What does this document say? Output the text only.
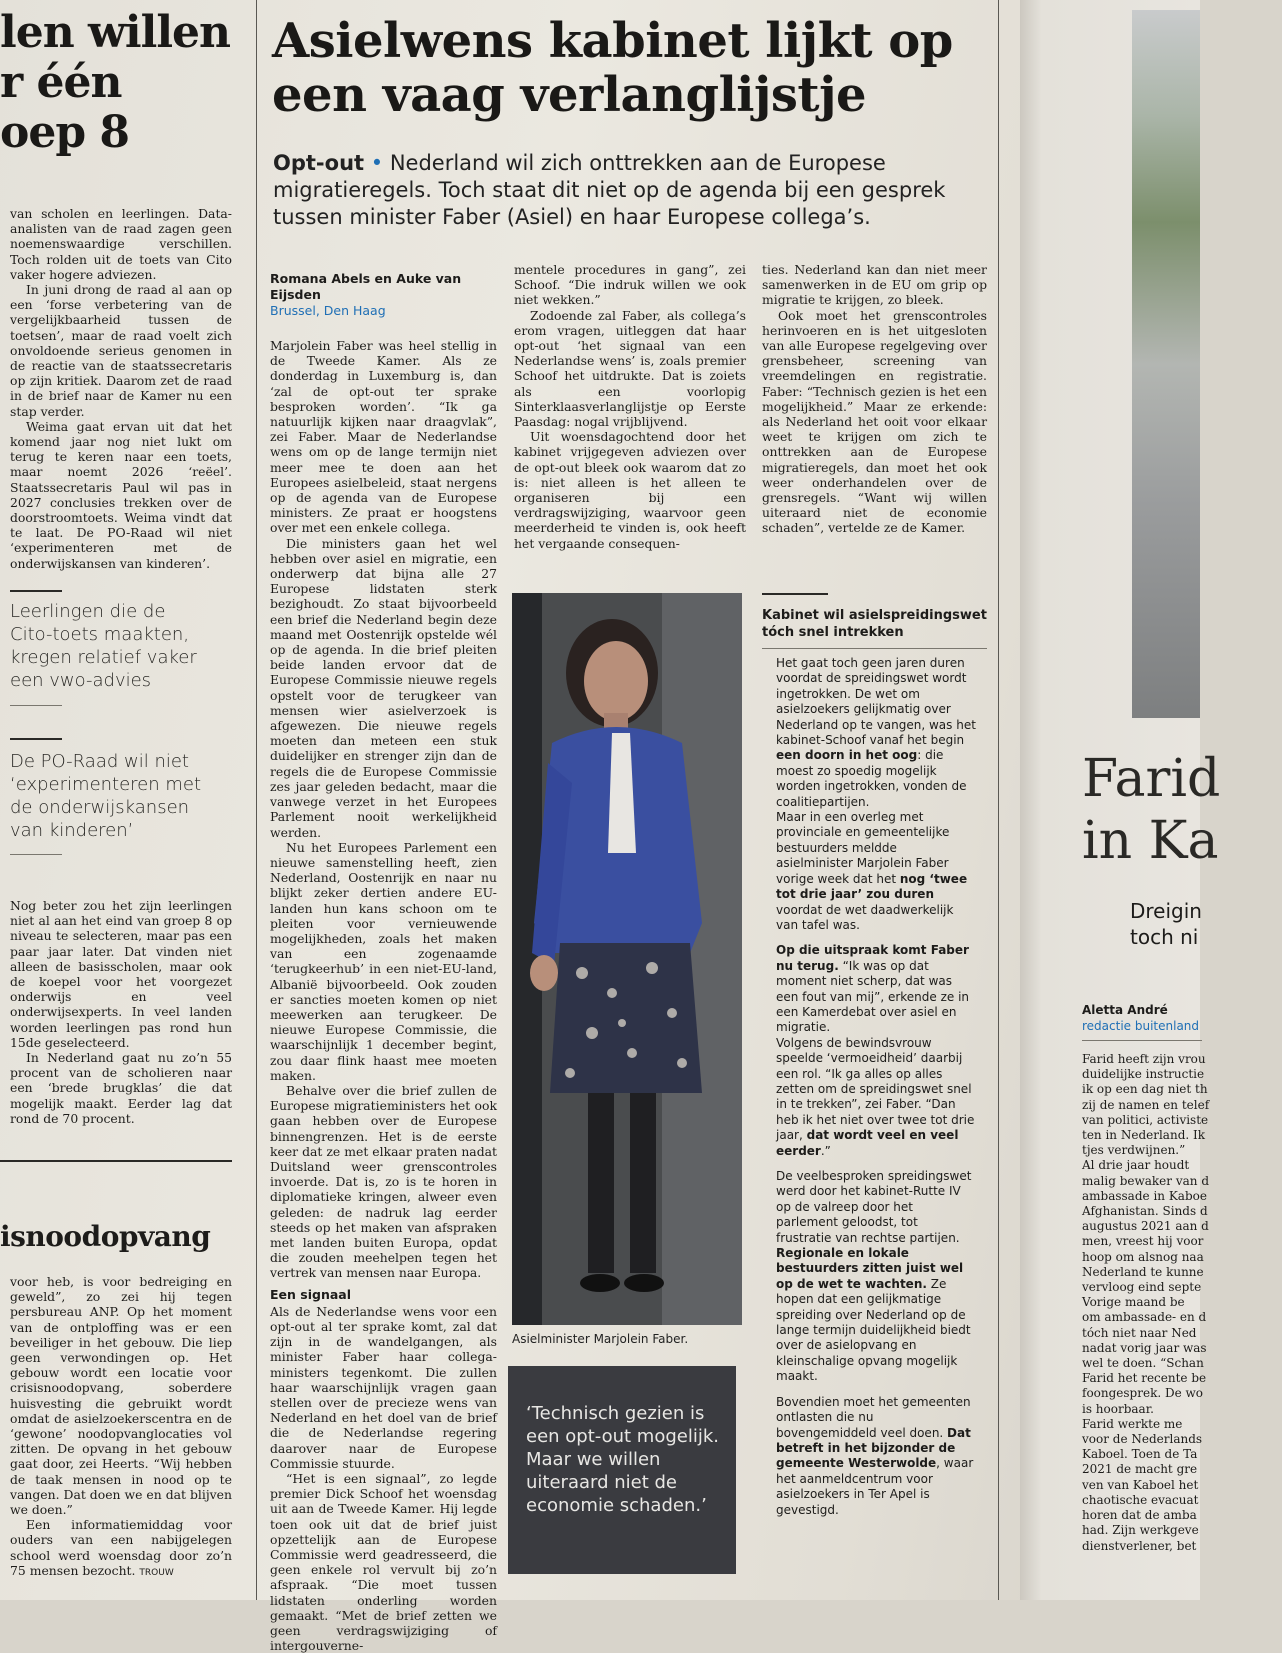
len willen
r één
oep 8

van scholen en leerlingen. Data-analisten van de raad zagen geen noemenswaardige verschillen. Toch rolden uit de toets van Cito vaker hogere adviezen.

In juni drong de raad al aan op een ‘forse verbetering van de vergelijkbaarheid tussen de toetsen’, maar de raad voelt zich onvoldoende serieus genomen in de reactie van de staatssecretaris op zijn kritiek. Daarom zet de raad in de brief naar de Kamer nu een stap verder.

Weima gaat ervan uit dat het komend jaar nog niet lukt om terug te keren naar een toets, maar noemt 2026 ‘reëel’. Staatssecretaris Paul wil pas in 2027 conclusies trekken over de doorstroomtoets. Weima vindt dat te laat. De PO-Raad wil niet ‘experimenteren met de onderwijskansen van kinderen’.

Leerlingen die de Cito-toets maakten, kregen relatief vaker een vwo-advies
De PO-Raad wil niet ‘experimenteren met de onderwijskansen van kinderen’

Nog beter zou het zijn leerlingen niet al aan het eind van groep 8 op niveau te selecteren, maar pas een paar jaar later. Dat vinden niet alleen de basisscholen, maar ook de koepel voor het voorgezet onderwijs en veel onderwijsexperts. In veel landen worden leerlingen pas rond hun 15de geselecteerd.

In Nederland gaat nu zo’n 55 procent van de scholieren naar een ‘brede brugklas’ die dat mogelijk maakt. Eerder lag dat rond de 70 procent.

isnoodopvang

voor heb, is voor bedreiging en geweld”, zo zei hij tegen persbureau ANP. Op het moment van de ontploffing was er een beveiliger in het gebouw. Die liep geen verwondingen op. Het gebouw wordt een locatie voor crisisnoodopvang, soberdere huisvesting die gebruikt wordt omdat de asielzoekerscentra en de ‘gewone’ noodopvanglocaties vol zitten. De opvang in het gebouw gaat door, zei Heerts. “Wij hebben de taak mensen in nood op te vangen. Dat doen we en dat blijven we doen.”

Een informatiemiddag voor ouders van een nabijgelegen school werd woensdag door zo’n 75 mensen bezocht. TROUW

Asielwens kabinet lijkt op een vaag verlanglijstje
Opt-out • Nederland wil zich onttrekken aan de Europese migratieregels. Toch staat dit niet op de agenda bij een gesprek tussen minister Faber (Asiel) en haar Europese collega’s.
Romana Abels en Auke van Eijsden
Brussel, Den Haag

Marjolein Faber was heel stellig in de Tweede Kamer. Als ze donderdag in Luxemburg is, dan ‘zal de opt-out ter sprake besproken worden’. “Ik ga natuurlijk kijken naar draagvlak”, zei Faber. Maar de Nederlandse wens om op de lange termijn niet meer mee te doen aan het Europees asielbeleid, staat nergens op de agenda van de Europese ministers. Ze praat er hoogstens over met een enkele collega.

Die ministers gaan het wel hebben over asiel en migratie, een onderwerp dat bijna alle 27 Europese lidstaten sterk bezighoudt. Zo staat bijvoorbeeld een brief die Nederland begin deze maand met Oostenrijk opstelde wél op de agenda. In die brief pleiten beide landen ervoor dat de Europese Commissie nieuwe regels opstelt voor de terugkeer van mensen wier asielverzoek is afgewezen. Die nieuwe regels moeten dan meteen een stuk duidelijker en strenger zijn dan de regels die de Europese Commissie zes jaar geleden bedacht, maar die vanwege verzet in het Europees Parlement nooit werkelijkheid werden.

Nu het Europees Parlement een nieuwe samenstelling heeft, zien Nederland, Oostenrijk en naar nu blijkt zeker dertien andere EU-landen hun kans schoon om te pleiten voor vernieuwende mogelijkheden, zoals het maken van een zogenaamde ‘terugkeerhub’ in een niet-EU-land, Albanië bijvoorbeeld. Ook zouden er sancties moeten komen op niet meewerken aan terugkeer. De nieuwe Europese Commissie, die waarschijnlijk 1 december begint, zou daar flink haast mee moeten maken.

Behalve over die brief zullen de Europese migratieministers het ook gaan hebben over de Europese binnengrenzen. Het is de eerste keer dat ze met elkaar praten nadat Duitsland weer grenscontroles invoerde. Dat is, zo is te horen in diplomatieke kringen, alweer even geleden: de nadruk lag eerder steeds op het maken van afspraken met landen buiten Europa, opdat die zouden meehelpen tegen het vertrek van mensen naar Europa.

Een signaal

Als de Nederlandse wens voor een opt-out al ter sprake komt, zal dat zijn in de wandelgangen, als minister Faber haar collega-ministers tegenkomt. Die zullen haar waarschijnlijk vragen gaan stellen over de precieze wens van Nederland en het doel van de brief die de Nederlandse regering daarover naar de Europese Commissie stuurde.

“Het is een signaal”, zo legde premier Dick Schoof het woensdag uit aan de Tweede Kamer. Hij legde toen ook uit dat de brief juist opzettelijk aan de Europese Commissie werd geadresseerd, die geen enkele rol vervult bij zo’n afspraak. “Die moet tussen lidstaten onderling worden gemaakt. “Met de brief zetten we geen verdragswijziging of intergouverne-

mentele procedures in gang”, zei Schoof. “Die indruk willen we ook niet wekken.”

Zodoende zal Faber, als collega’s erom vragen, uitleggen dat haar opt-out ‘het signaal van een Nederlandse wens’ is, zoals premier Schoof het uitdrukte. Dat is zoiets als een voorlopig Sinterklaasverlanglijstje op Eerste Paasdag: nogal vrijblijvend.

Uit woensdagochtend door het kabinet vrijgegeven adviezen over de opt-out bleek ook waarom dat zo is: niet alleen is het alleen te organiseren bij een verdragswijziging, waarvoor geen meerderheid te vinden is, ook heeft het vergaande consequen-

ties. Nederland kan dan niet meer samenwerken in de EU om grip op migratie te krijgen, zo bleek.

Ook moet het grenscontroles herinvoeren en is het uitgesloten van alle Europese regelgeving over grensbeheer, screening van vreemdelingen en registratie. Faber: “Technisch gezien is het een mogelijkheid.” Maar ze erkende: als Nederland het ooit voor elkaar weet te krijgen om zich te onttrekken aan de Europese migratieregels, dan moet het ook weer onderhandelen over de grensregels. “Want wij willen uiteraard niet de economie schaden”, vertelde ze de Kamer.

Asielminister Marjolein Faber.
‘Technisch gezien is een opt-out mogelijk. Maar we willen uiteraard niet de economie schaden.’
Kabinet wil asielspreidingswet tóch snel intrekken

Het gaat toch geen jaren duren voordat de spreidingswet wordt ingetrokken. De wet om asielzoekers gelijkmatig over Nederland op te vangen, was het kabinet-Schoof vanaf het begin een doorn in het oog: die moest zo spoedig mogelijk worden ingetrokken, vonden de coalitiepartijen.
Maar in een overleg met provinciale en gemeentelijke bestuurders meldde asielminister Marjolein Faber vorige week dat het nog ‘twee tot drie jaar’ zou duren voordat de wet daadwerkelijk van tafel was.

Op die uitspraak komt Faber nu terug. “Ik was op dat moment niet scherp, dat was een fout van mij”, erkende ze in een Kamerdebat over asiel en migratie.
Volgens de bewindsvrouw speelde ‘vermoeidheid’ daarbij een rol. “Ik ga alles op alles zetten om de spreidingswet snel in te trekken”, zei Faber. “Dan heb ik het niet over twee tot drie jaar, dat wordt veel en veel eerder.”

De veelbesproken spreidingswet werd door het kabinet-Rutte IV op de valreep door het parlement geloodst, tot frustratie van rechtse partijen. Regionale en lokale bestuurders zitten juist wel op de wet te wachten. Ze hopen dat een gelijkmatige spreiding over Nederland op de lange termijn duidelijkheid biedt over de asielopvang en kleinschalige opvang mogelijk maakt.

Bovendien moet het gemeenten ontlasten die nu bovengemiddeld veel doen. Dat betreft in het bijzonder de gemeente Westerwolde, waar het aanmeldcentrum voor asielzoekers in Ter Apel is gevestigd.

Farid
in Ka
Dreigin
toch ni
Aletta André
redactie buitenland
Farid heeft zijn vrou
duidelijke instructie
ik op een dag niet th
zij de namen en telef
van politici, activiste
ten in Nederland. Ik
tjes verdwijnen.”
Al drie jaar houdt
malig bewaker van d
ambassade in Kaboe
Afghanistan. Sinds d
augustus 2021 aan d
men, vreest hij voor
hoop om alsnog naa
Nederland te kunne
vervloog eind septe
Vorige maand be
om ambassade- en d
tóch niet naar Ned
nadat vorig jaar was
wel te doen. “Schan
Farid het recente be
foongesprek. De wo
is hoorbaar.
Farid werkte me
voor de Nederlands
Kaboel. Toen de Ta
2021 de macht gre
ven van Kaboel het
chaotische evacuat
horen dat de amba
had. Zijn werkgeve
dienstverlener, bet
